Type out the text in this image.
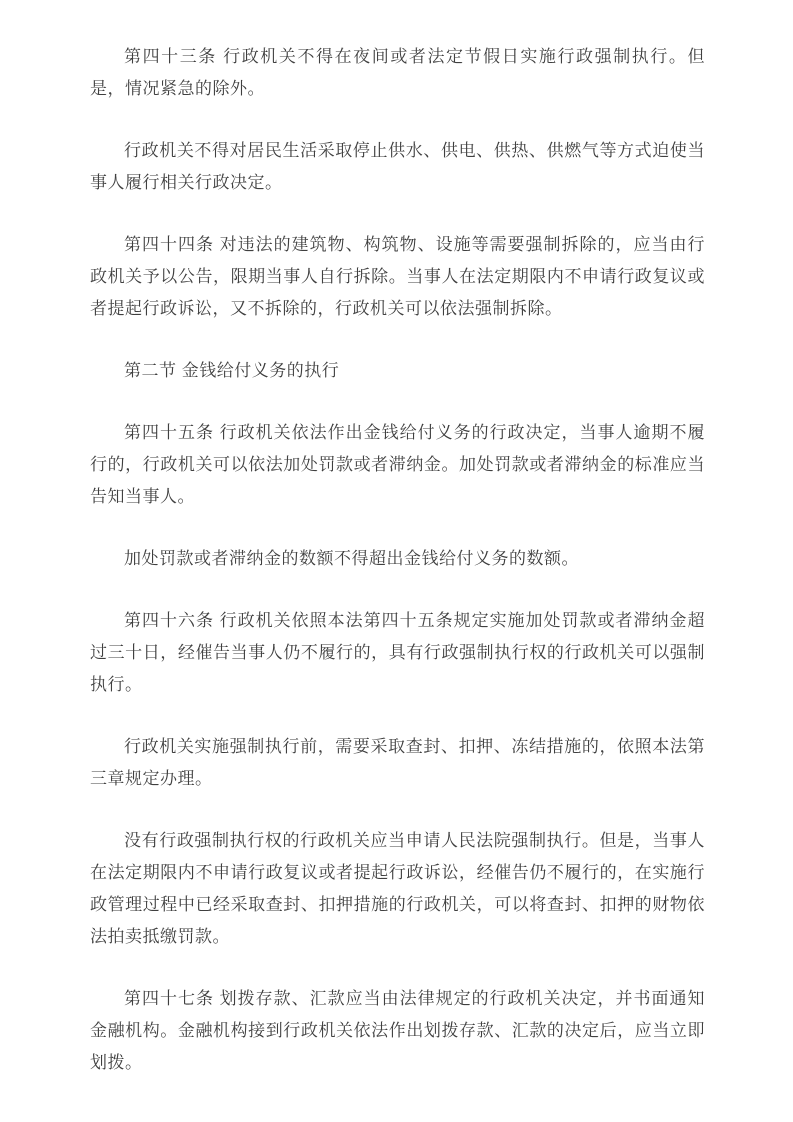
第四十三条 行政机关不得在夜间或者法定节假日实施行政强制执行。但是，情况紧急的除外。

行政机关不得对居民生活采取停止供水、供电、供热、供燃气等方式迫使当事人履行相关行政决定。

第四十四条 对违法的建筑物、构筑物、设施等需要强制拆除的，应当由行政机关予以公告，限期当事人自行拆除。当事人在法定期限内不申请行政复议或者提起行政诉讼，又不拆除的，行政机关可以依法强制拆除。

第二节 金钱给付义务的执行

第四十五条 行政机关依法作出金钱给付义务的行政决定，当事人逾期不履行的，行政机关可以依法加处罚款或者滞纳金。加处罚款或者滞纳金的标准应当告知当事人。

加处罚款或者滞纳金的数额不得超出金钱给付义务的数额。

第四十六条 行政机关依照本法第四十五条规定实施加处罚款或者滞纳金超过三十日，经催告当事人仍不履行的，具有行政强制执行权的行政机关可以强制执行。

行政机关实施强制执行前，需要采取查封、扣押、冻结措施的，依照本法第三章规定办理。

没有行政强制执行权的行政机关应当申请人民法院强制执行。但是，当事人在法定期限内不申请行政复议或者提起行政诉讼，经催告仍不履行的，在实施行政管理过程中已经采取查封、扣押措施的行政机关，可以将查封、扣押的财物依法拍卖抵缴罚款。

第四十七条 划拨存款、汇款应当由法律规定的行政机关决定，并书面通知金融机构。金融机构接到行政机关依法作出划拨存款、汇款的决定后，应当立即划拨。
